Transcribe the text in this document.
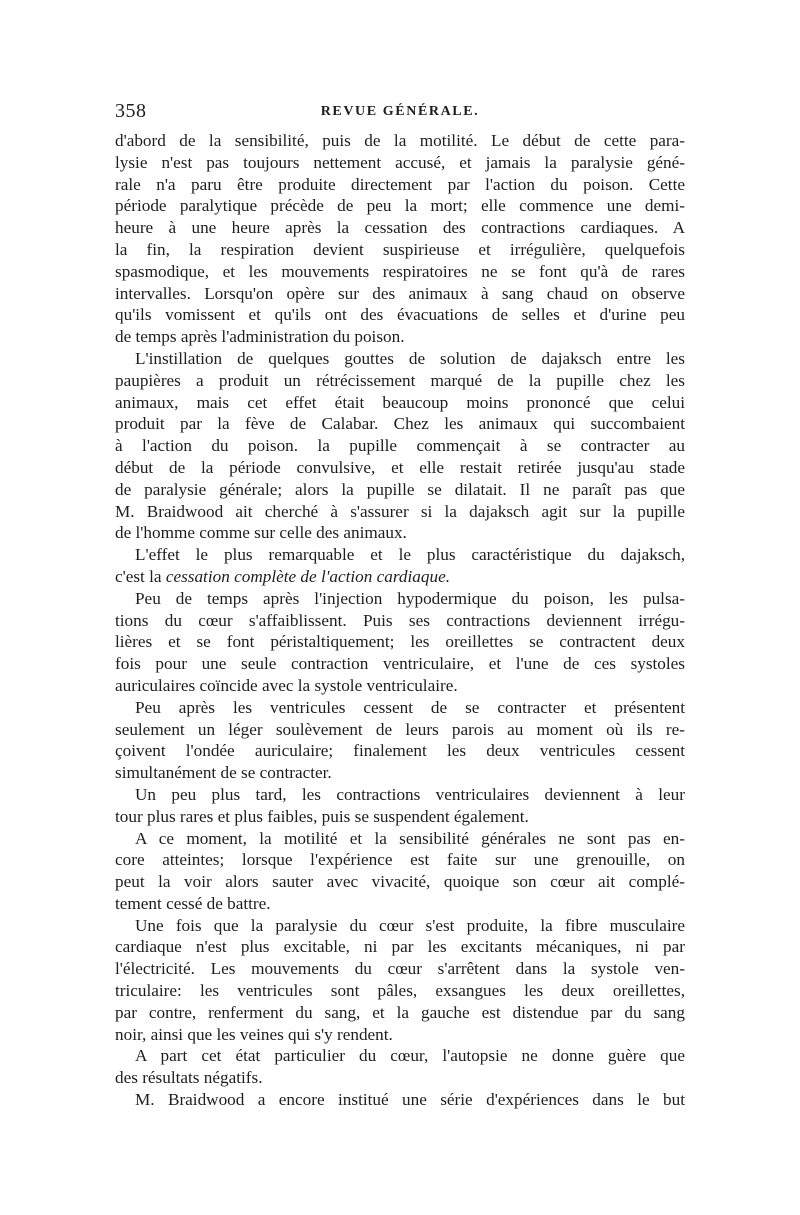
358	REVUE GÉNÉRALE.
d'abord de la sensibilité, puis de la motilité. Le début de cette para-
lysie n'est pas toujours nettement accusé, et jamais la paralysie géné-
rale n'a paru être produite directement par l'action du poison. Cette
période paralytique précède de peu la mort; elle commence une demi-
heure à une heure après la cessation des contractions cardiaques. A
la fin, la respiration devient suspirieuse et irrégulière, quelquefois
spasmodique, et les mouvements respiratoires ne se font qu'à de rares
intervalles. Lorsqu'on opère sur des animaux à sang chaud on observe
qu'ils vomissent et qu'ils ont des évacuations de selles et d'urine peu
de temps après l'administration du poison.
L'instillation de quelques gouttes de solution de dajaksch entre les
paupières a produit un rétrécissement marqué de la pupille chez les
animaux, mais cet effet était beaucoup moins prononcé que celui
produit par la fève de Calabar. Chez les animaux qui succombaient
à l'action du poison. la pupille commençait à se contracter au
début de la période convulsive, et elle restait retirée jusqu'au stade
de paralysie générale; alors la pupille se dilatait. Il ne paraît pas que
M. Braidwood ait cherché à s'assurer si la dajaksch agit sur la pupille
de l'homme comme sur celle des animaux.
L'effet le plus remarquable et le plus caractéristique du dajaksch,
c'est la cessation complète de l'action cardiaque.
Peu de temps après l'injection hypodermique du poison, les pulsa-
tions du cœur s'affaiblissent. Puis ses contractions deviennent irrégu-
lières et se font péristaltiquement; les oreillettes se contractent deux
fois pour une seule contraction ventriculaire, et l'une de ces systoles
auriculaires coïncide avec la systole ventriculaire.
Peu après les ventricules cessent de se contracter et présentent
seulement un léger soulèvement de leurs parois au moment où ils re-
çoivent l'ondée auriculaire; finalement les deux ventricules cessent
simultanément de se contracter.
Un peu plus tard, les contractions ventriculaires deviennent à leur
tour plus rares et plus faibles, puis se suspendent également.
A ce moment, la motilité et la sensibilité générales ne sont pas en-
core atteintes; lorsque l'expérience est faite sur une grenouille, on
peut la voir alors sauter avec vivacité, quoique son cœur ait complé-
tement cessé de battre.
Une fois que la paralysie du cœur s'est produite, la fibre musculaire
cardiaque n'est plus excitable, ni par les excitants mécaniques, ni par
l'électricité. Les mouvements du cœur s'arrêtent dans la systole ven-
triculaire: les ventricules sont pâles, exsangues les deux oreillettes,
par contre, renferment du sang, et la gauche est distendue par du sang
noir, ainsi que les veines qui s'y rendent.
A part cet état particulier du cœur, l'autopsie ne donne guère que
des résultats négatifs.
M. Braidwood a encore institué une série d'expériences dans le but
